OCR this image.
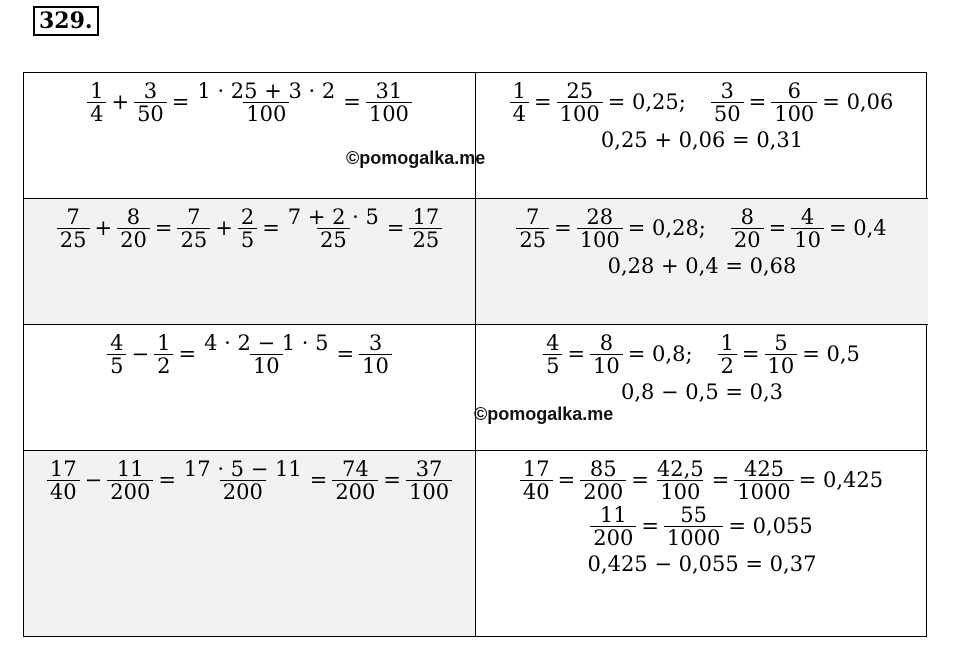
329.
$\frac{1}{4} + \frac{3}{50} = \frac{1 \cdot 25 + 3 \cdot 2}{100} = \frac{31}{100}$	$\frac{1}{4} = \frac{25}{100} = 0,25$; $\frac{3}{50} = \frac{6}{100} = 0,06$
0,25 + 0,06 = 0,31
$\frac{7}{25} + \frac{8}{20} = \frac{7}{25} + \frac{2}{5} = \frac{7 + 2 \cdot 5}{25} = \frac{17}{25}$	$\frac{7}{25} = \frac{28}{100} = 0,28$; $\frac{8}{20} = \frac{4}{10} = 0,4$
0,28 + 0,4 = 0,68
$\frac{4}{5} - \frac{1}{2} = \frac{4 \cdot 2 - 1 \cdot 5}{10} = \frac{3}{10}$	$\frac{4}{5} = \frac{8}{10} = 0,8$; $\frac{1}{2} = \frac{5}{10} = 0,5$
0,8 − 0,5 = 0,3
$\frac{17}{40} - \frac{11}{200} = \frac{17 \cdot 5 - 11}{200} = \frac{74}{200} = \frac{37}{100}$	$\frac{17}{40} = \frac{85}{200} = \frac{42,5}{100} = \frac{425}{1000} = 0,425$
$\frac{11}{200} = \frac{55}{1000} = 0,055$
0,425 − 0,055 = 0,37
©pomogalka.me
©pomogalka.me
